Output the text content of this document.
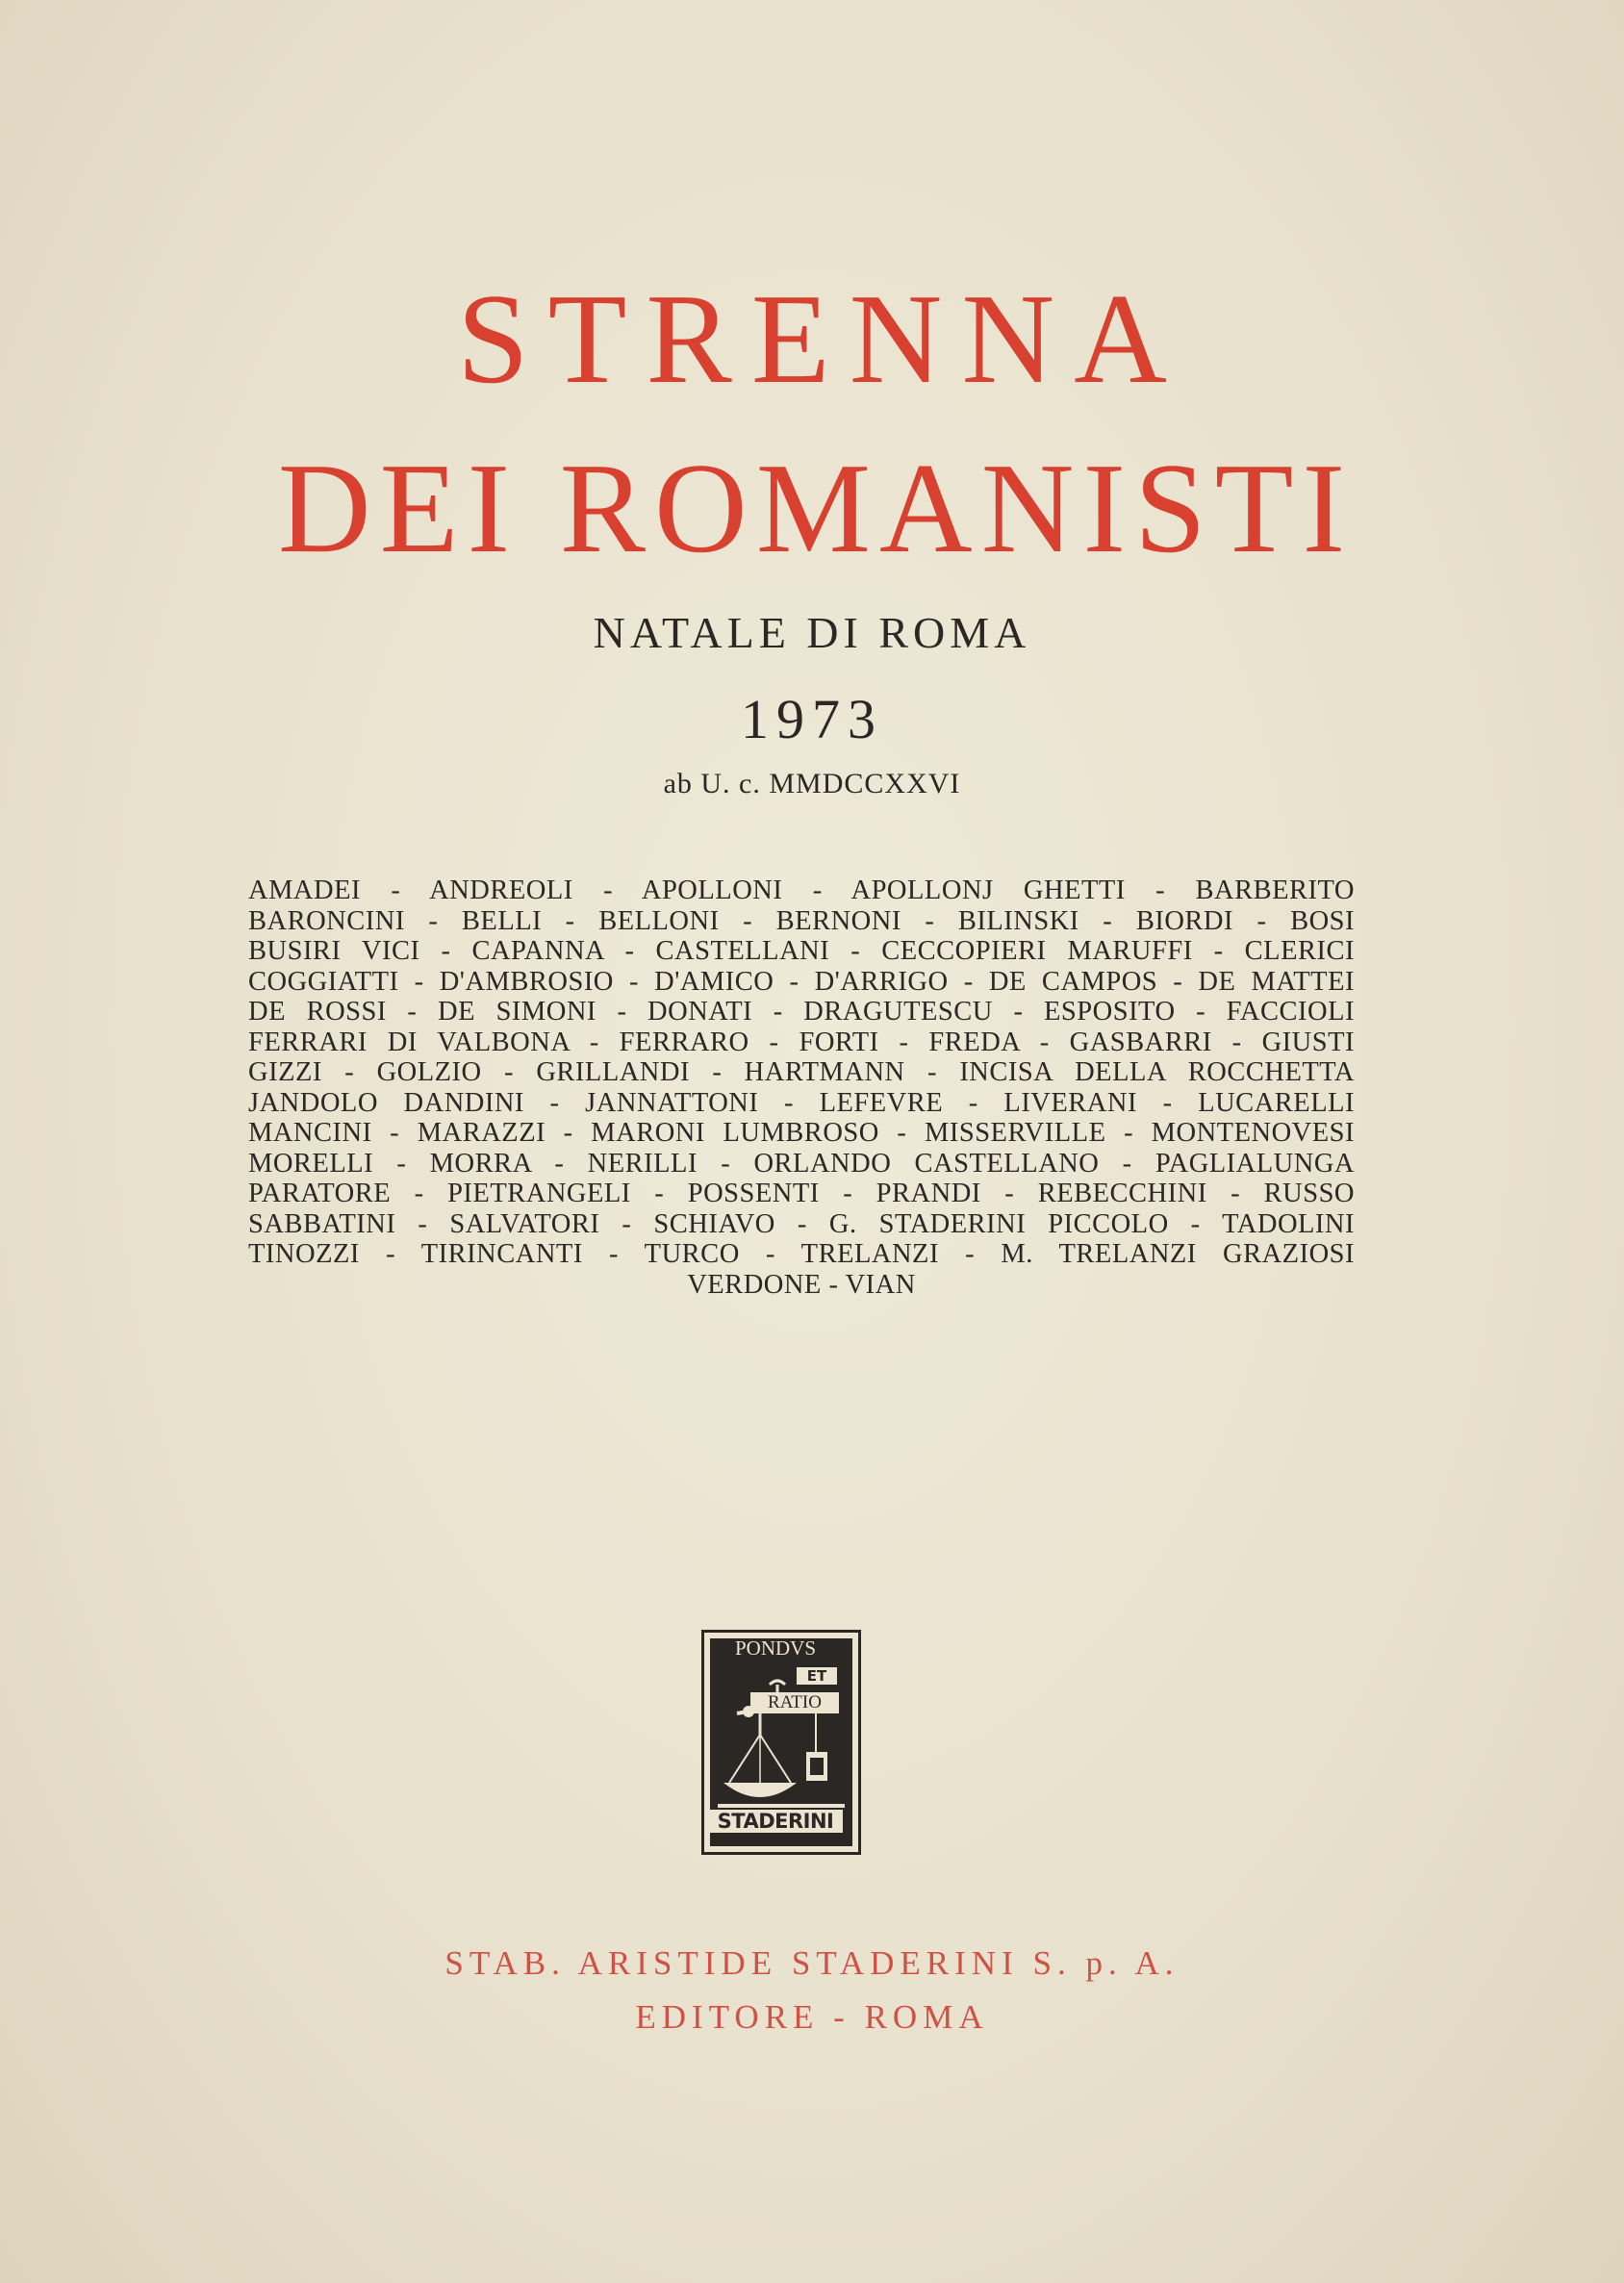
STRENNA
DEI ROMANISTI
NATALE DI ROMA
1973
ab U. c. MMDCCXXVI
AMADEI - ANDREOLI - APOLLONI - APOLLONJ GHETTI - BARBERITO
BARONCINI - BELLI - BELLONI - BERNONI - BILINSKI - BIORDI - BOSI
BUSIRI VICI - CAPANNA - CASTELLANI - CECCOPIERI MARUFFI - CLERICI
COGGIATTI - D'AMBROSIO - D'AMICO - D'ARRIGO - DE CAMPOS - DE MATTEI
DE ROSSI - DE SIMONI - DONATI - DRAGUTESCU - ESPOSITO - FACCIOLI
FERRARI DI VALBONA - FERRARO - FORTI - FREDA - GASBARRI - GIUSTI
GIZZI - GOLZIO - GRILLANDI - HARTMANN - INCISA DELLA ROCCHETTA
JANDOLO DANDINI - JANNATTONI - LEFEVRE - LIVERANI - LUCARELLI
MANCINI - MARAZZI - MARONI LUMBROSO - MISSERVILLE - MONTENOVESI
MORELLI - MORRA - NERILLI - ORLANDO CASTELLANO - PAGLIALUNGA
PARATORE - PIETRANGELI - POSSENTI - PRANDI - REBECCHINI - RUSSO
SABBATINI - SALVATORI - SCHIAVO - G. STADERINI PICCOLO - TADOLINI
TINOZZI - TIRINCANTI - TURCO - TRELANZI - M. TRELANZI GRAZIOSI
VERDONE - VIAN
PONDVS
ET
RATIO
STADERINI
STAB. ARISTIDE STADERINI S. p. A.
EDITORE - ROMA
